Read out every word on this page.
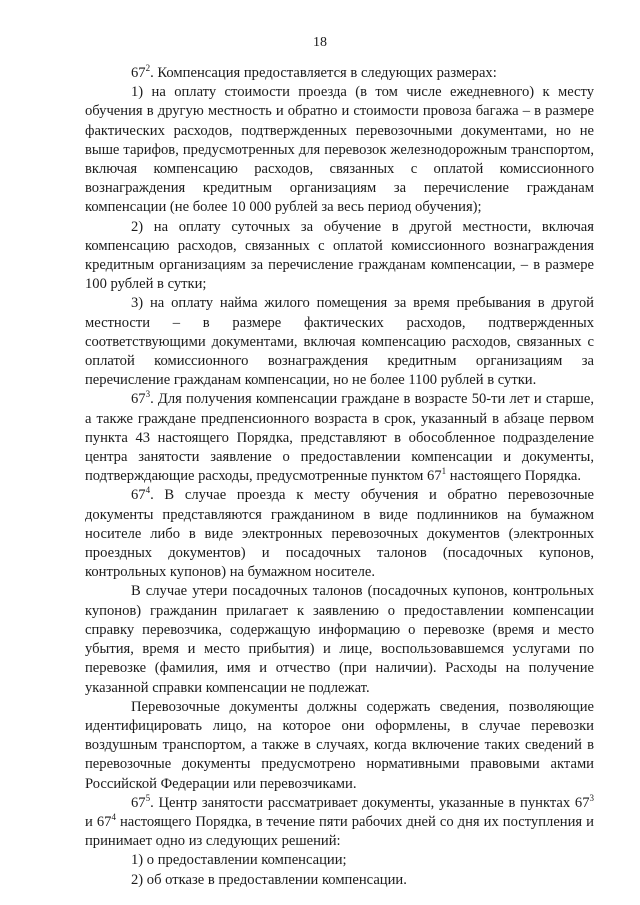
18

$67^2$. Компенсация предоставляется в следующих размерах:

1) на оплату стоимости проезда (в том числе ежедневного) к месту обучения в другую местность и обратно и стоимости провоза багажа – в размере фактических расходов, подтвержденных перевозочными документами, но не выше тарифов, предусмотренных для перевозок железнодорожным транспортом, включая компенсацию расходов, связанных с оплатой комиссионного вознаграждения кредитным организациям за перечисление гражданам компенсации (не более 10 000 рублей за весь период обучения);

2) на оплату суточных за обучение в другой местности, включая компенсацию расходов, связанных с оплатой комиссионного вознаграждения кредитным организациям за перечисление гражданам компенсации, – в размере 100 рублей в сутки;

3) на оплату найма жилого помещения за время пребывания в другой местности – в размере фактических расходов, подтвержденных соответствующими документами, включая компенсацию расходов, связанных с оплатой комиссионного вознаграждения кредитным организациям за перечисление гражданам компенсации, но не более 1100 рублей в сутки.

$67^3$. Для получения компенсации граждане в возрасте 50-ти лет и старше, а также граждане предпенсионного возраста в срок, указанный в абзаце первом пункта 43 настоящего Порядка, представляют в обособленное подразделение центра занятости заявление о предоставлении компенсации и документы, подтверждающие расходы, предусмотренные пунктом $67^1$ настоящего Порядка.

$67^4$. В случае проезда к месту обучения и обратно перевозочные документы представляются гражданином в виде подлинников на бумажном носителе либо в виде электронных перевозочных документов (электронных проездных документов) и посадочных талонов (посадочных купонов, контрольных купонов) на бумажном носителе.

В случае утери посадочных талонов (посадочных купонов, контрольных купонов) гражданин прилагает к заявлению о предоставлении компенсации справку перевозчика, содержащую информацию о перевозке (время и место убытия, время и место прибытия) и лице, воспользовавшемся услугами по перевозке (фамилия, имя и отчество (при наличии). Расходы на получение указанной справки компенсации не подлежат.

Перевозочные документы должны содержать сведения, позволяющие идентифицировать лицо, на которое они оформлены, в случае перевозки воздушным транспортом, а также в случаях, когда включение таких сведений в перевозочные документы предусмотрено нормативными правовыми актами Российской Федерации или перевозчиками.

$67^5$. Центр занятости рассматривает документы, указанные в пунктах $67^3$ и $67^4$ настоящего Порядка, в течение пяти рабочих дней со дня их поступления и принимает одно из следующих решений:

1) о предоставлении компенсации;

2) об отказе в предоставлении компенсации.
